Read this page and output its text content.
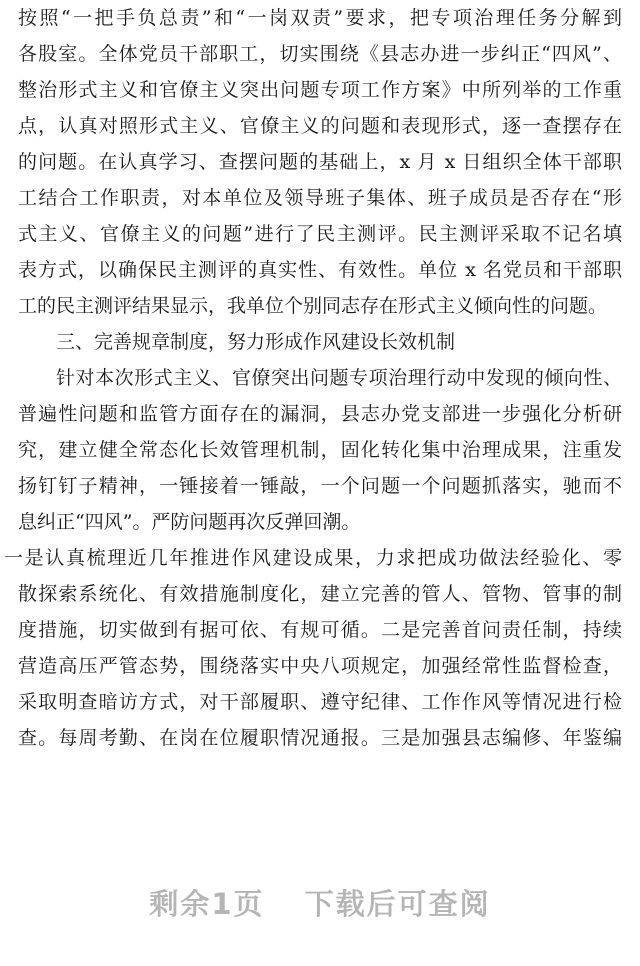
按照“一把手负总责”和“一岗双责”要求，把专项治理任务分解到
各股室。全体党员干部职工，切实围绕《县志办进一步纠正“四风”、
整治形式主义和官僚主义突出问题专项工作方案》中所列举的工作重
点，认真对照形式主义、官僚主义的问题和表现形式，逐一查摆存在
的问题。在认真学习、查摆问题的基础上，x 月 x 日组织全体干部职
工结合工作职责，对本单位及领导班子集体、班子成员是否存在“形
式主义、官僚主义的问题”进行了民主测评。民主测评采取不记名填
表方式，以确保民主测评的真实性、有效性。单位 x 名党员和干部职
工的民主测评结果显示，我单位个别同志存在形式主义倾向性的问题。
三、完善规章制度，努力形成作风建设长效机制
针对本次形式主义、官僚突出问题专项治理行动中发现的倾向性、
普遍性问题和监管方面存在的漏洞，县志办党支部进一步强化分析研
究，建立健全常态化长效管理机制，固化转化集中治理成果，注重发
扬钉钉子精神，一锤接着一锤敲，一个问题一个问题抓落实，驰而不
息纠正“四风”。严防问题再次反弹回潮。
一是认真梳理近几年推进作风建设成果，力求把成功做法经验化、零
散探索系统化、有效措施制度化，建立完善的管人、管物、管事的制
度措施，切实做到有据可依、有规可循。二是完善首问责任制，持续
营造高压严管态势，围绕落实中央八项规定，加强经常性监督检查，
采取明查暗访方式，对干部履职、遵守纪律、工作作风等情况进行检
查。每周考勤、在岗在位履职情况通报。三是加强县志编修、年鉴编
剩余1页 下载后可查阅
